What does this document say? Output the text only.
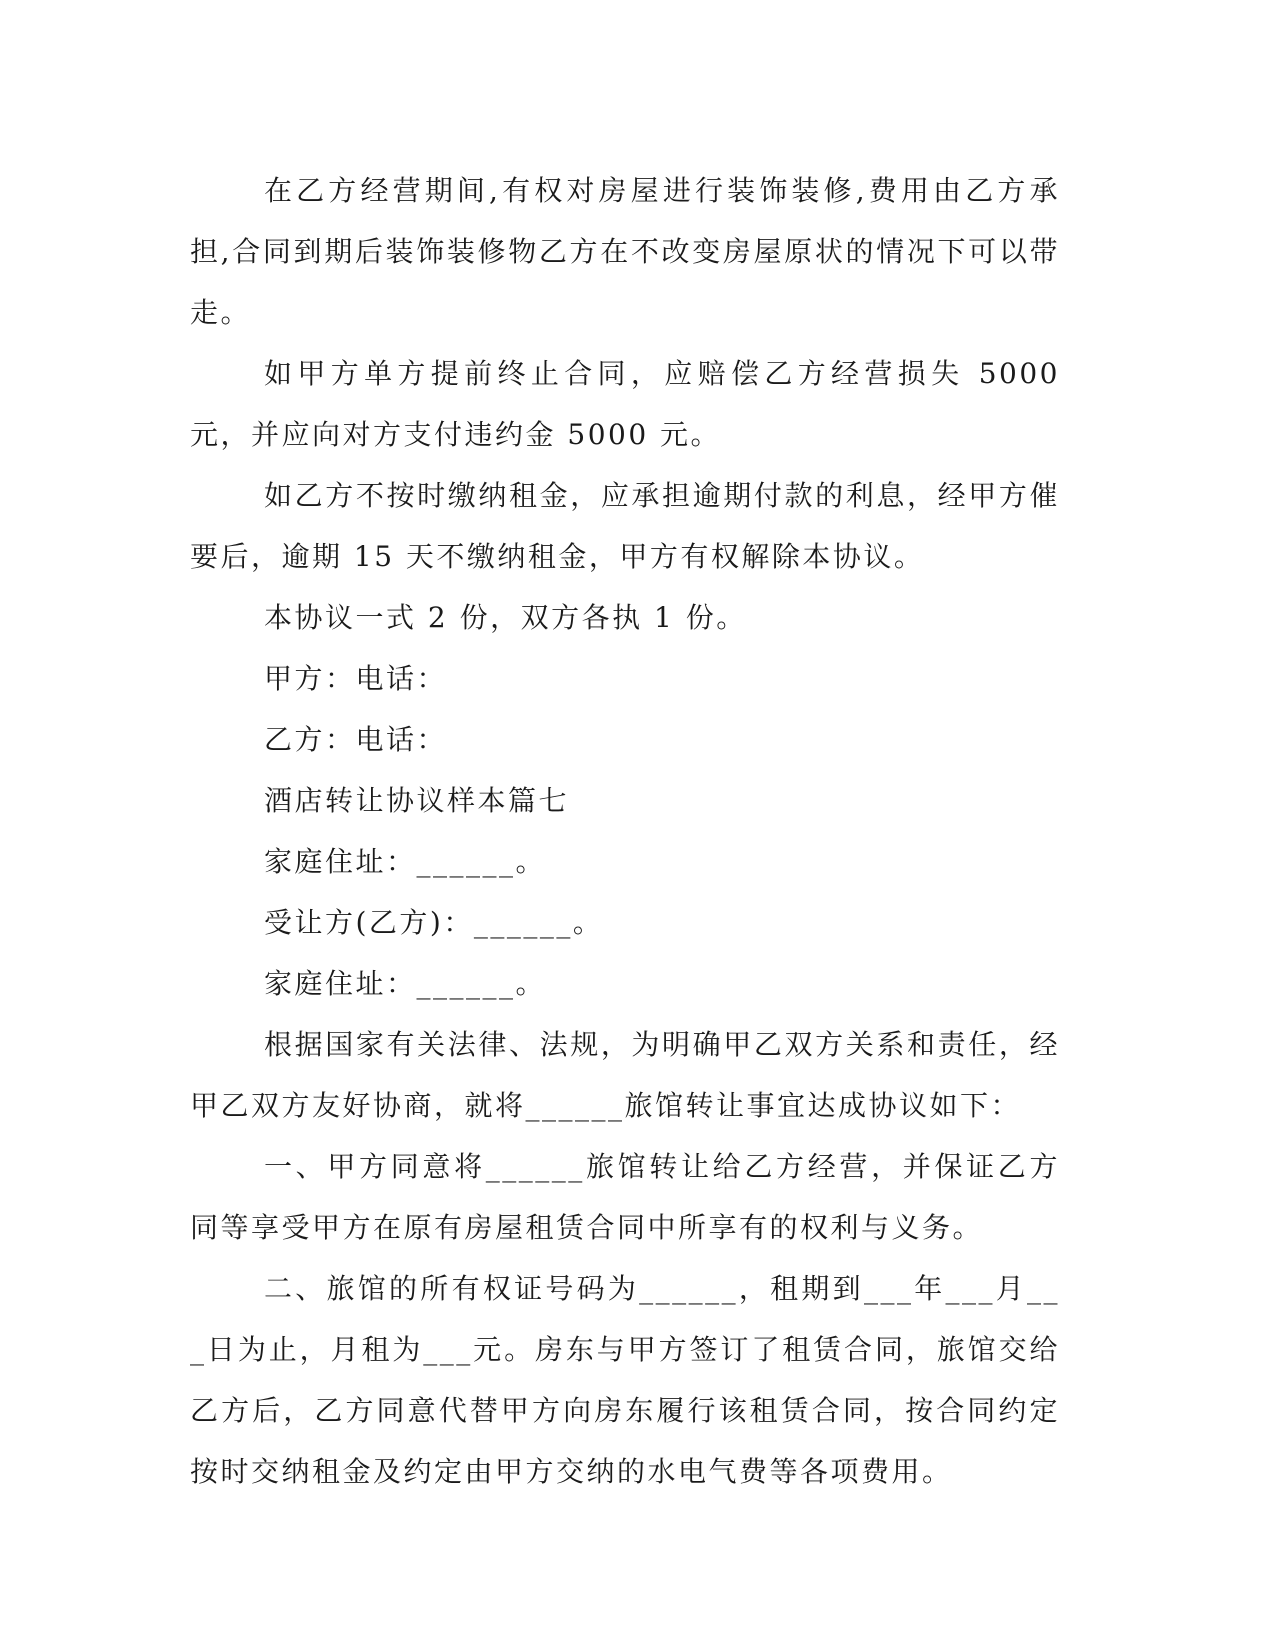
在乙方经营期间,有权对房屋进行装饰装修,费用由乙方承担,合同到期后装饰装修物乙方在不改变房屋原状的情况下可以带走。

如甲方单方提前终止合同，应赔偿乙方经营损失 5000 元，并应向对方支付违约金 5000 元。

如乙方不按时缴纳租金，应承担逾期付款的利息，经甲方催要后，逾期 15 天不缴纳租金，甲方有权解除本协议。

本协议一式 2 份，双方各执 1 份。

甲方：电话：

乙方：电话：

酒店转让协议样本篇七

家庭住址：______。

受让方(乙方)：______。

家庭住址：______。

根据国家有关法律、法规，为明确甲乙双方关系和责任，经甲乙双方友好协商，就将______旅馆转让事宜达成协议如下：

一、甲方同意将______旅馆转让给乙方经营，并保证乙方同等享受甲方在原有房屋租赁合同中所享有的权利与义务。

二、旅馆的所有权证号码为______，租期到___年___月___日为止，月租为___元。房东与甲方签订了租赁合同，旅馆交给乙方后，乙方同意代替甲方向房东履行该租赁合同，按合同约定按时交纳租金及约定由甲方交纳的水电气费等各项费用。
